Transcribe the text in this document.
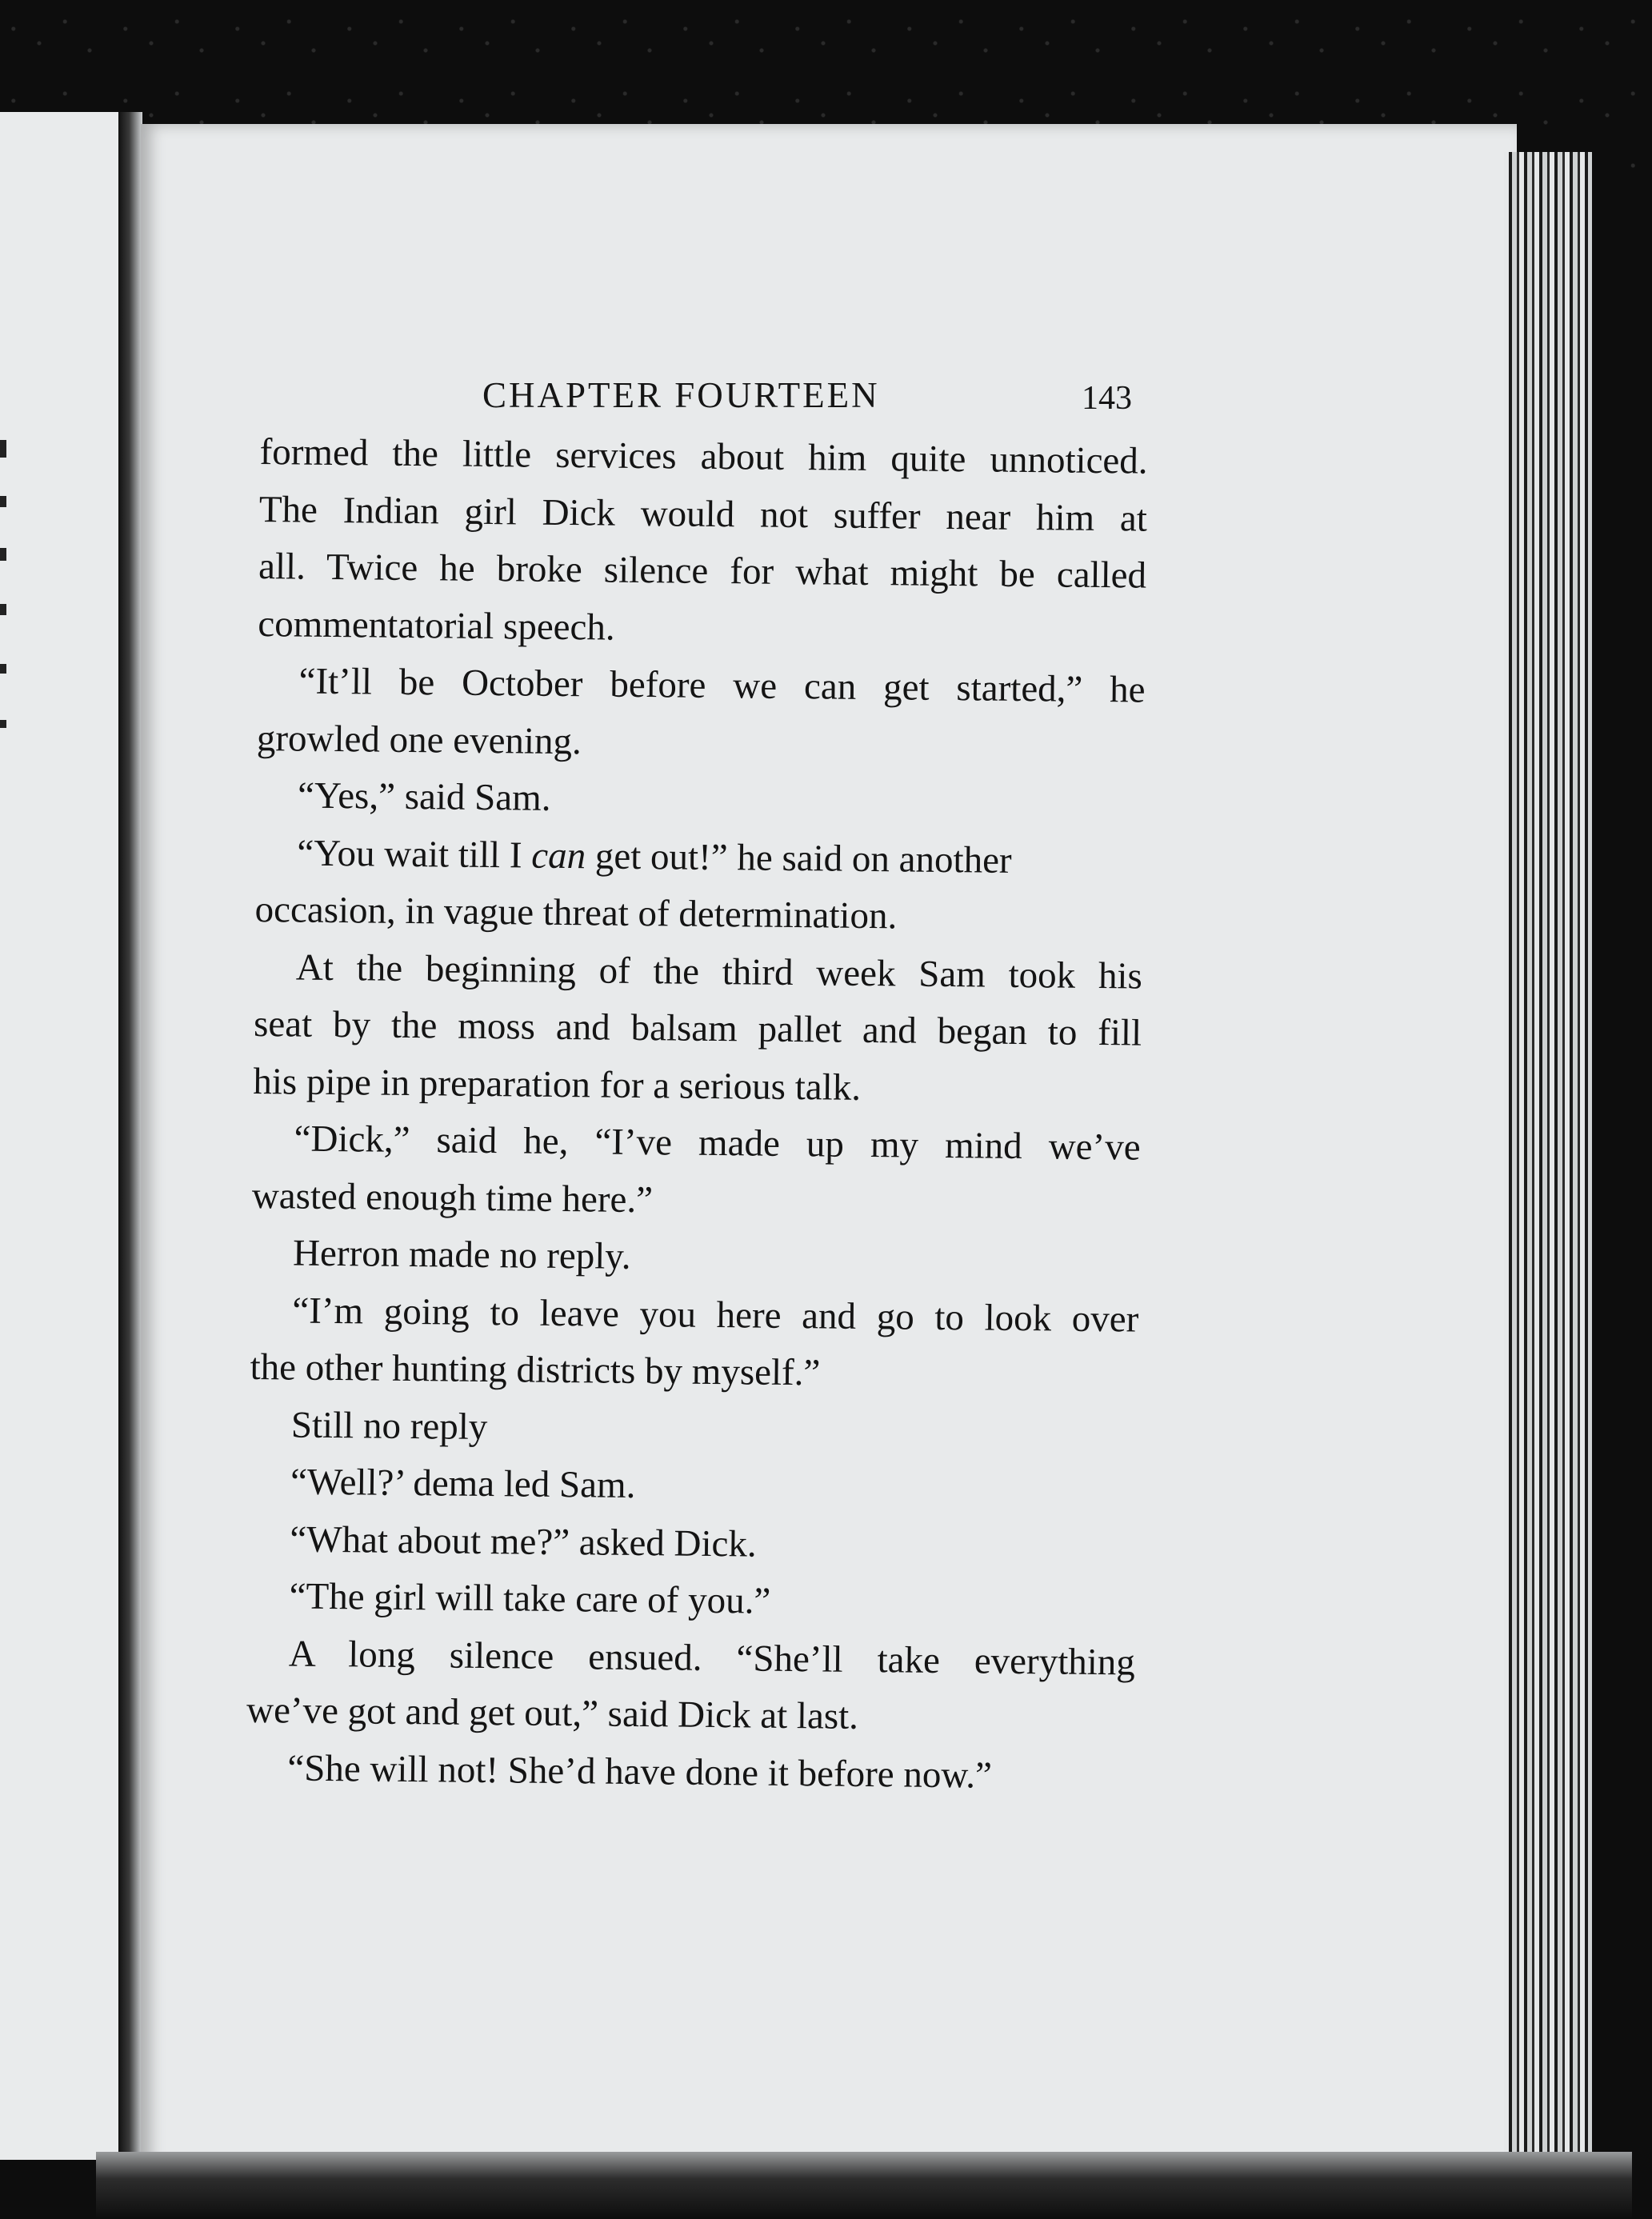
CHAPTER FOURTEEN	143
formed the little services about him quite unnoticed.
The Indian girl Dick would not suffer near him at
all. Twice he broke silence for what might be called
commentatorial speech.
“It’ll be October before we can get started,” he
growled one evening.
“Yes,” said Sam.
“You wait till I can get out!” he said on another
occasion, in vague threat of determination.
At the beginning of the third week Sam took his
seat by the moss and balsam pallet and began to fill
his pipe in preparation for a serious talk.
“Dick,” said he, “I’ve made up my mind we’ve
wasted enough time here.”
Herron made no reply.
“I’m going to leave you here and go to look over
the other hunting districts by myself.”
Still no reply
“Well?’ dema led Sam.
“What about me?” asked Dick.
“The girl will take care of you.”
A long silence ensued. “She’ll take everything
we’ve got and get out,” said Dick at last.
“She will not! She’d have done it before now.”
